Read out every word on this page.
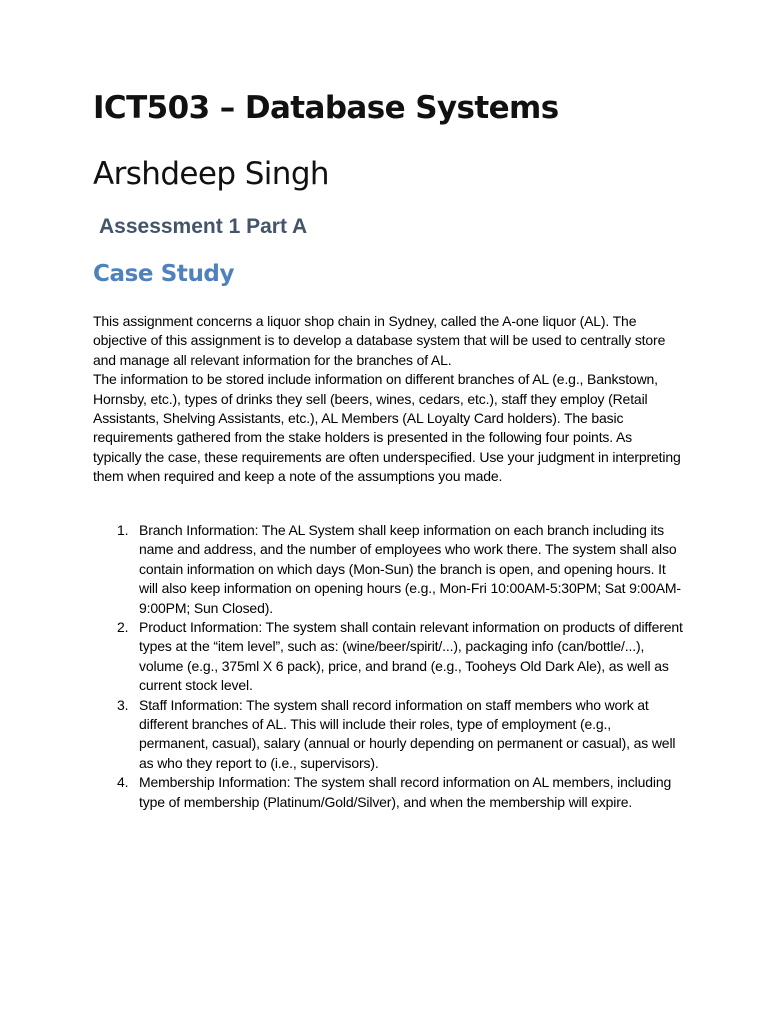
ICT503 – Database Systems
Arshdeep Singh
Assessment 1 Part A
Case Study

This assignment concerns a liquor shop chain in Sydney, called the A-one liquor (AL). The objective of this assignment is to develop a database system that will be used to centrally store and manage all relevant information for the branches of AL.

The information to be stored include information on different branches of AL (e.g., Bankstown, Hornsby, etc.), types of drinks they sell (beers, wines, cedars, etc.), staff they employ (Retail Assistants, Shelving Assistants, etc.), AL Members (AL Loyalty Card holders). The basic requirements gathered from the stake holders is presented in the following four points. As typically the case, these requirements are often underspecified. Use your judgment in interpreting them when required and keep a note of the assumptions you made.

1. Branch Information: The AL System shall keep information on each branch including its name and address, and the number of employees who work there. The system shall also contain information on which days (Mon-Sun) the branch is open, and opening hours. It will also keep information on opening hours (e.g., Mon-Fri 10:00AM-5:30PM; Sat 9:00AM-9:00PM; Sun Closed).
2. Product Information: The system shall contain relevant information on products of different types at the “item level”, such as: (wine/beer/spirit/...), packaging info (can/bottle/...), volume (e.g., 375ml X 6 pack), price, and brand (e.g., Tooheys Old Dark Ale), as well as current stock level.
3. Staff Information: The system shall record information on staff members who work at different branches of AL. This will include their roles, type of employment (e.g., permanent, casual), salary (annual or hourly depending on permanent or casual), as well as who they report to (i.e., supervisors).
4. Membership Information: The system shall record information on AL members, including type of membership (Platinum/Gold/Silver), and when the membership will expire.
